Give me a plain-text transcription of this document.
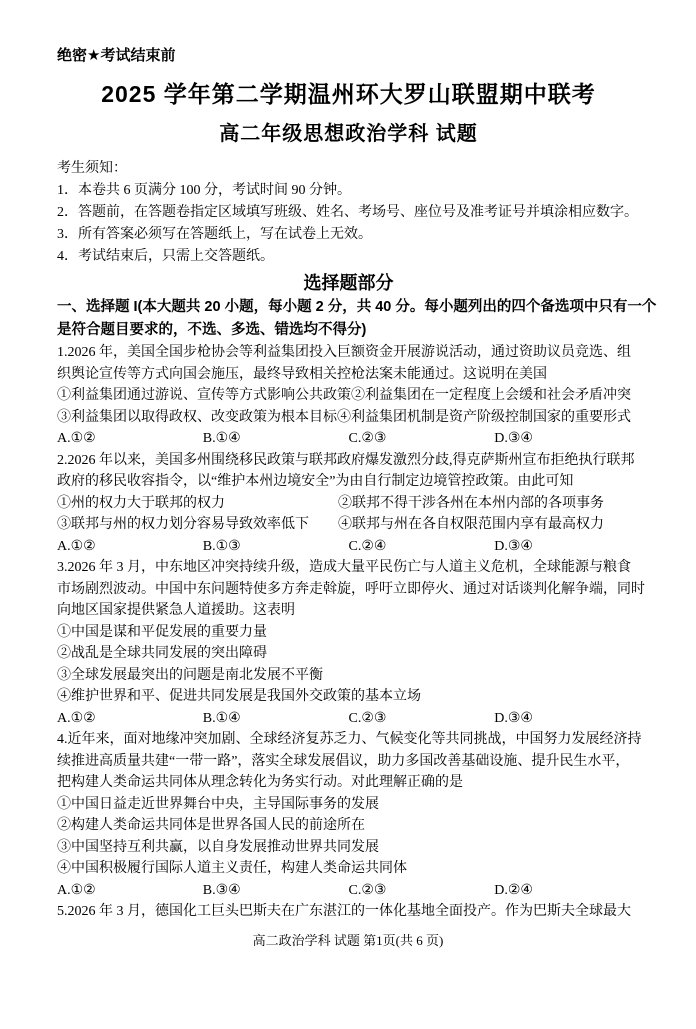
绝密★考试结束前
2025 学年第二学期温州环大罗山联盟期中联考
高二年级思想政治学科 试题
考生须知：
1．本卷共 6 页满分 100 分，考试时间 90 分钟。
2．答题前，在答题卷指定区域填写班级、姓名、考场号、座位号及准考证号并填涂相应数字。
3．所有答案必须写在答题纸上，写在试卷上无效。
4．考试结束后，只需上交答题纸。
选择题部分
一、选择题 I(本大题共 20 小题，每小题 2 分，共 40 分。每小题列出的四个备选项中只有一个
是符合题目要求的，不选、多选、错选均不得分)
1.2026 年，美国全国步枪协会等利益集团投入巨额资金开展游说活动，通过资助议员竞选、组
织舆论宣传等方式向国会施压，最终导致相关控枪法案未能通过。这说明在美国
①利益集团通过游说、宣传等方式影响公共政策②利益集团在一定程度上会缓和社会矛盾冲突
③利益集团以取得政权、改变政策为根本目标④利益集团机制是资产阶级控制国家的重要形式
A.①②	B.①④	C.②③	D.③④
2.2026 年以来，美国多州围绕移民政策与联邦政府爆发激烈分歧,得克萨斯州宣布拒绝执行联邦
政府的移民收容指令，以“维护本州边境安全”为由自行制定边境管控政策。由此可知
①州的权力大于联邦的权力	②联邦不得干涉各州在本州内部的各项事务
③联邦与州的权力划分容易导致效率低下	④联邦与州在各自权限范围内享有最高权力
A.①②	B.①③	C.②④	D.③④
3.2026 年 3 月，中东地区冲突持续升级，造成大量平民伤亡与人道主义危机，全球能源与粮食
市场剧烈波动。中国中东问题特使多方奔走斡旋，呼吁立即停火、通过对话谈判化解争端，同时
向地区国家提供紧急人道援助。这表明
①中国是谋和平促发展的重要力量
②战乱是全球共同发展的突出障碍
③全球发展最突出的问题是南北发展不平衡
④维护世界和平、促进共同发展是我国外交政策的基本立场
A.①②	B.①④	C.②③	D.③④
4.近年来，面对地缘冲突加剧、全球经济复苏乏力、气候变化等共同挑战，中国努力发展经济持
续推进高质量共建“一带一路”，落实全球发展倡议，助力多国改善基础设施、提升民生水平，
把构建人类命运共同体从理念转化为务实行动。对此理解正确的是
①中国日益走近世界舞台中央，主导国际事务的发展
②构建人类命运共同体是世界各国人民的前途所在
③中国坚持互利共赢，以自身发展推动世界共同发展
④中国积极履行国际人道主义责任，构建人类命运共同体
A.①②	B.③④	C.②③	D.②④
5.2026 年 3 月，德国化工巨头巴斯夫在广东湛江的一体化基地全面投产。作为巴斯夫全球最大
高二政治学科 试题 第1页(共 6 页)
